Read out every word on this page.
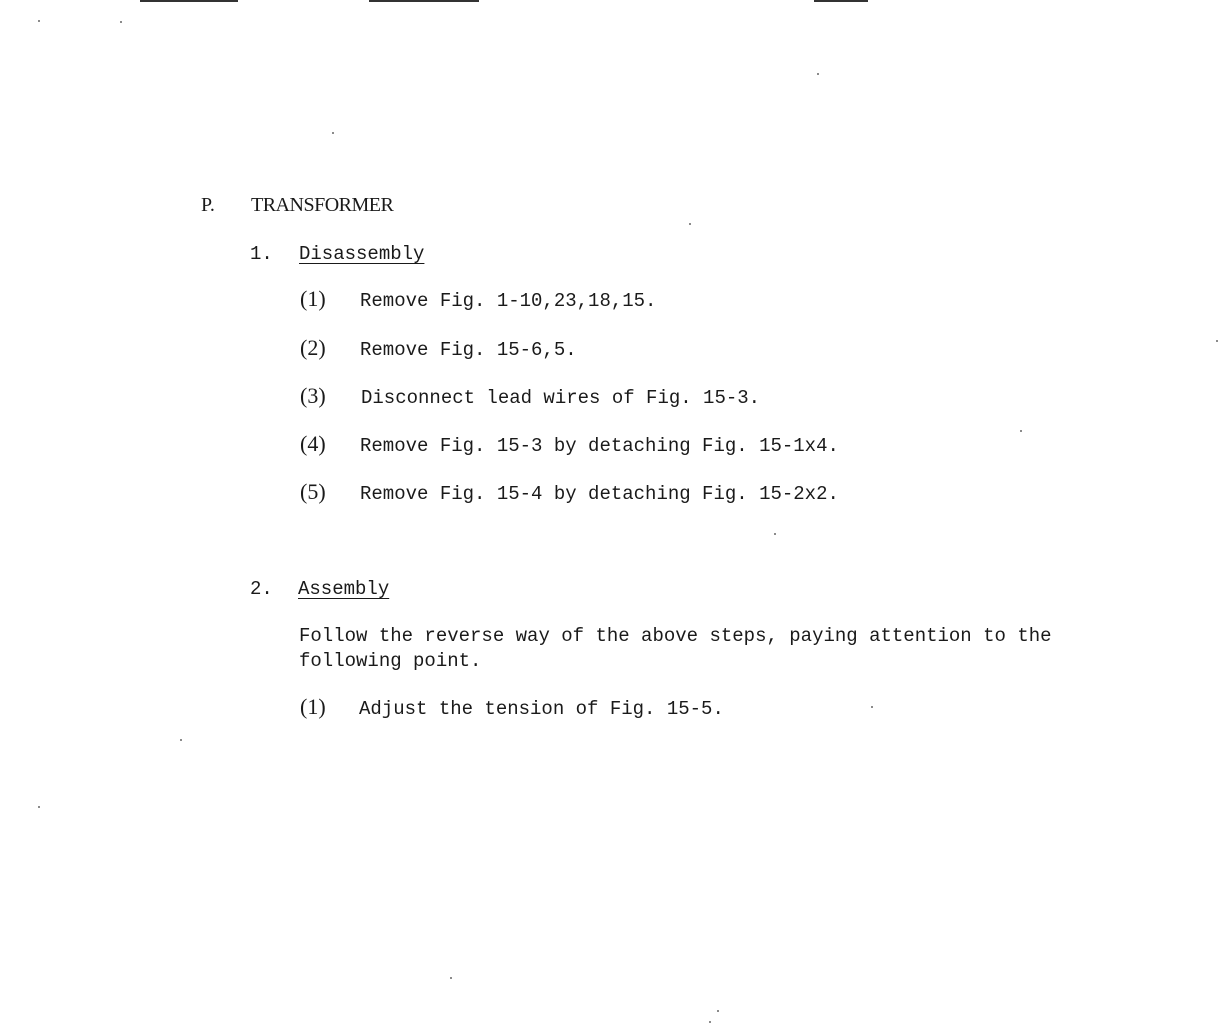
P. TRANSFORMER
1. Disassembly
(1) Remove Fig. 1-10,23,18,15.
(2) Remove Fig. 15-6,5.
(3) Disconnect lead wires of Fig. 15-3.
(4) Remove Fig. 15-3 by detaching Fig. 15-1x4.
(5) Remove Fig. 15-4 by detaching Fig. 15-2x2.
2. Assembly
Follow the reverse way of the above steps, paying attention to the
following point.
(1) Adjust the tension of Fig. 15-5.
